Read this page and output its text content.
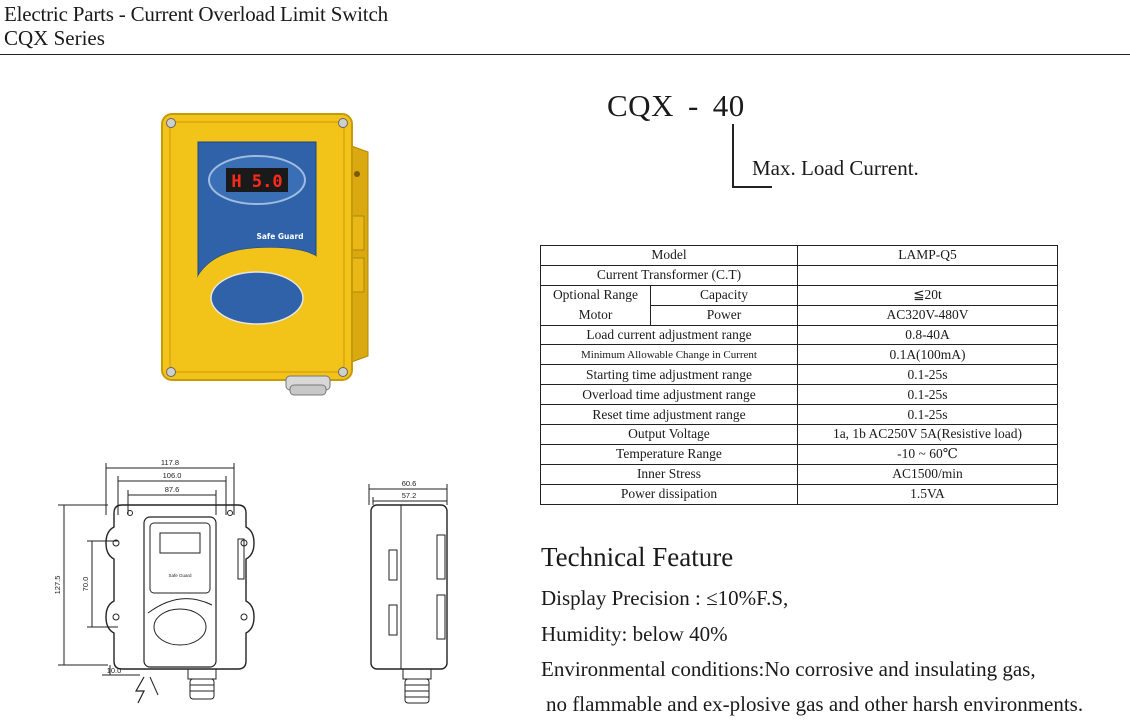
Electric Parts - Current Overload Limit Switch
CQX Series
H 5.0
Safe Guard
117.8
106.0
87.6
127.5	70.0
10.0
Safe Guard
60.6
57.2
CQX - 40
Max. Load Current.
Model		LAMP-Q5
Current Transformer (C.T)		
Optional Range	Capacity	≦20t
Motor	Power	AC320V-480V
Load current adjustment range		0.8-40A
Minimum Allowable Change in Current		0.1A(100mA)
Starting time adjustment range		0.1-25s
Overload time adjustment range		0.1-25s
Reset time adjustment range		0.1-25s
Output Voltage		1a, 1b AC250V 5A(Resistive load)
Temperature Range		-10 ~ 60℃
Inner Stress		AC1500/min
Power dissipation		1.5VA
Technical Feature
Display Precision : ≤10%F.S,
Humidity: below 40%
Environmental conditions:No corrosive and insulating gas,
no flammable and ex-plosive gas and other harsh environments.
